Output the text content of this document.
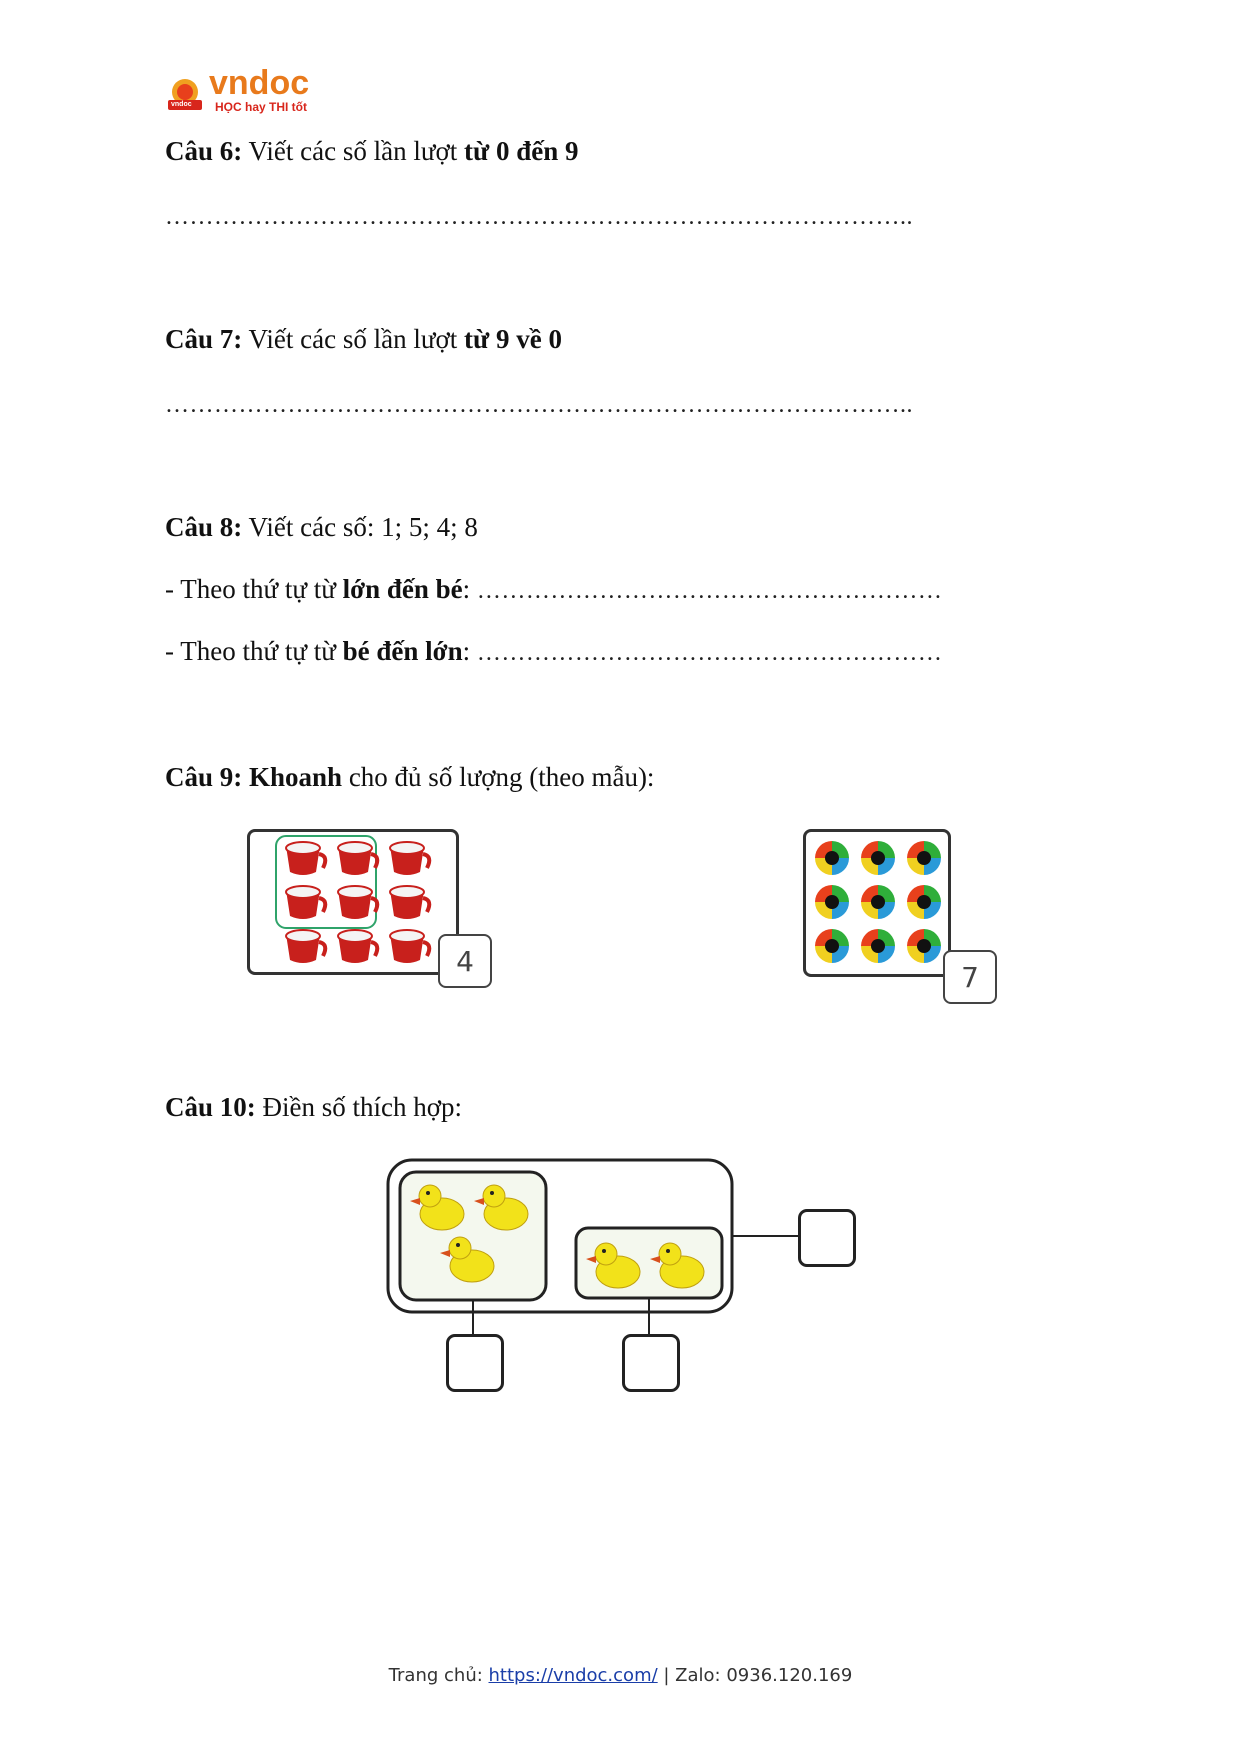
vndoc
HỌC hay THI tốt
vndoc
Câu 6: Viết các số lần lượt từ 0 đến 9
………………………………………………………………………………..
Câu 7: Viết các số lần lượt từ 9 về 0
………………………………………………………………………………..
Câu 8: Viết các số: 1; 5; 4; 8
- Theo thứ tự từ lớn đến bé: …………………………………………………
- Theo thứ tự từ bé đến lớn: …………………………………………………
Câu 9: Khoanh cho đủ số lượng (theo mẫu):
4	7
Câu 10: Điền số thích hợp:
Trang chủ: https://vndoc.com/ | Zalo: 0936.120.169
